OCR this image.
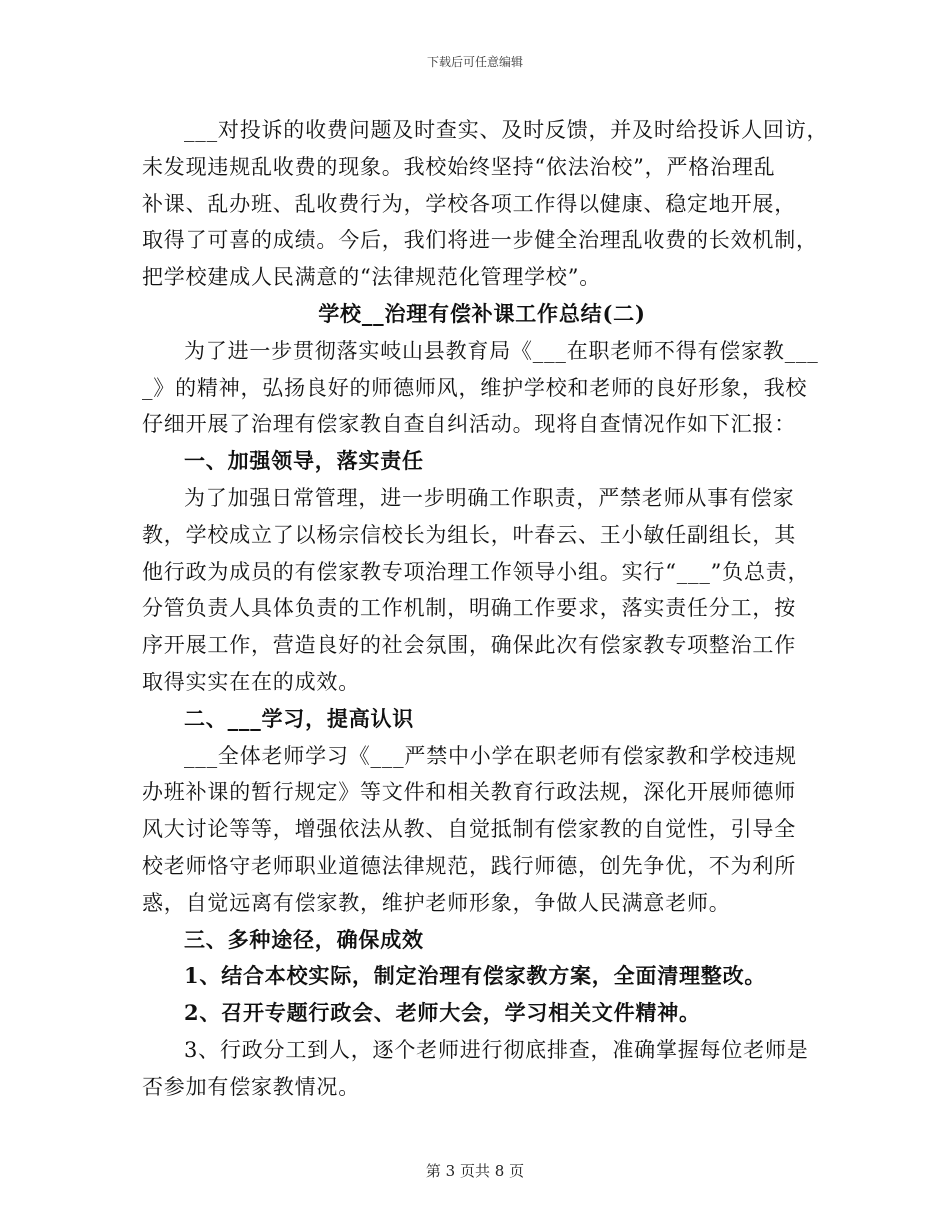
下载后可任意编辑
___对投诉的收费问题及时查实、及时反馈，并及时给投诉人回访，
未发现违规乱收费的现象。我校始终坚持“依法治校”，严格治理乱
补课、乱办班、乱收费行为，学校各项工作得以健康、稳定地开展，
取得了可喜的成绩。今后，我们将进一步健全治理乱收费的长效机制，
把学校建成人民满意的“法律规范化管理学校”。
学校__治理有偿补课工作总结(二)
为了进一步贯彻落实岐山县教育局《___在职老师不得有偿家教___
_》的精神，弘扬良好的师德师风，维护学校和老师的良好形象，我校
仔细开展了治理有偿家教自查自纠活动。现将自查情况作如下汇报：
一、加强领导，落实责任
为了加强日常管理，进一步明确工作职责，严禁老师从事有偿家
教，学校成立了以杨宗信校长为组长，叶春云、王小敏任副组长，其
他行政为成员的有偿家教专项治理工作领导小组。实行“___”负总责，
分管负责人具体负责的工作机制，明确工作要求，落实责任分工，按
序开展工作，营造良好的社会氛围，确保此次有偿家教专项整治工作
取得实实在在的成效。
二、___学习，提高认识
___全体老师学习《___严禁中小学在职老师有偿家教和学校违规
办班补课的暂行规定》等文件和相关教育行政法规，深化开展师德师
风大讨论等等，增强依法从教、自觉抵制有偿家教的自觉性，引导全
校老师恪守老师职业道德法律规范，践行师德，创先争优，不为利所
惑，自觉远离有偿家教，维护老师形象，争做人民满意老师。
三、多种途径，确保成效
1、结合本校实际，制定治理有偿家教方案，全面清理整改。
2、召开专题行政会、老师大会，学习相关文件精神。
3、行政分工到人，逐个老师进行彻底排查，准确掌握每位老师是
否参加有偿家教情况。
第 3 页共 8 页
